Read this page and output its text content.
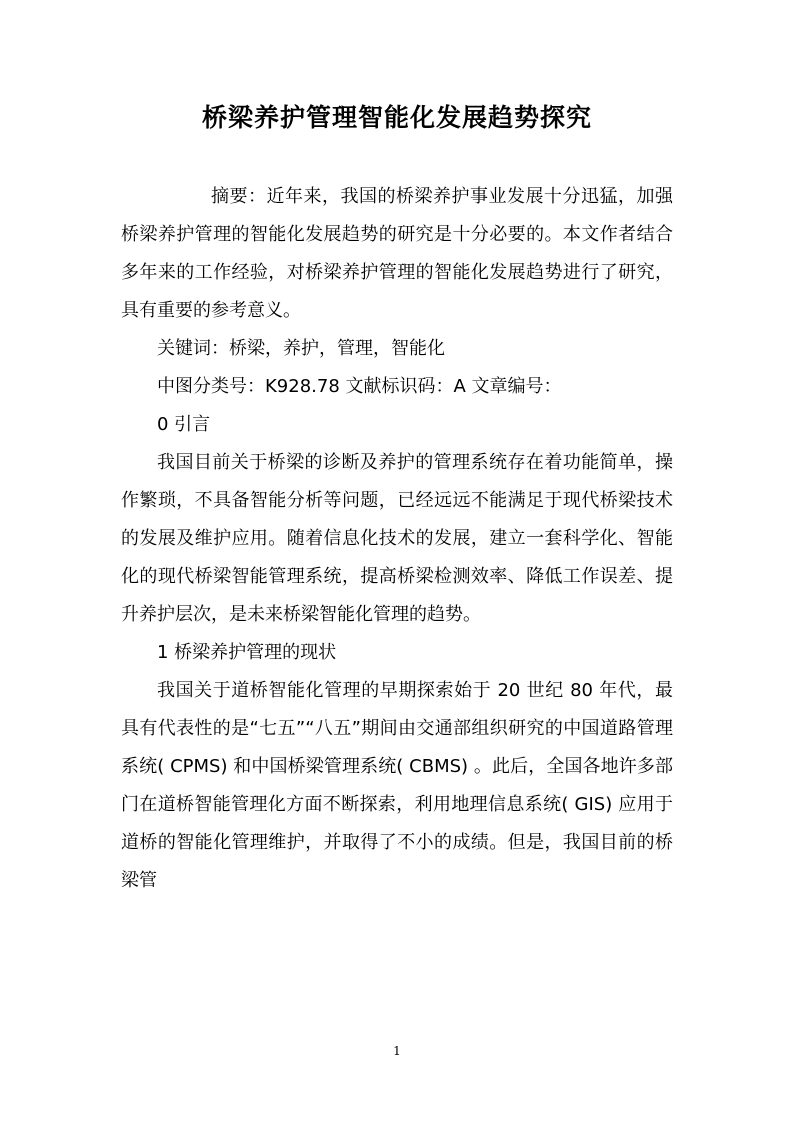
桥梁养护管理智能化发展趋势探究

摘要：近年来，我国的桥梁养护事业发展十分迅猛，加强桥梁养护管理的智能化发展趋势的研究是十分必要的。本文作者结合多年来的工作经验，对桥梁养护管理的智能化发展趋势进行了研究，具有重要的参考意义。

关键词：桥梁，养护，管理，智能化

中图分类号：K928.78 文献标识码：A 文章编号：

0 引言

我国目前关于桥梁的诊断及养护的管理系统存在着功能简单，操作繁琐，不具备智能分析等问题，已经远远不能满足于现代桥梁技术的发展及维护应用。随着信息化技术的发展，建立一套科学化、智能化的现代桥梁智能管理系统，提高桥梁检测效率、降低工作误差、提升养护层次，是未来桥梁智能化管理的趋势。

1 桥梁养护管理的现状

我国关于道桥智能化管理的早期探索始于 20 世纪 80 年代，最具有代表性的是“七五”“八五”期间由交通部组织研究的中国道路管理系统( CPMS) 和中国桥梁管理系统( CBMS) 。此后，全国各地许多部门在道桥智能管理化方面不断探索，利用地理信息系统( GIS) 应用于道桥的智能化管理维护，并取得了不小的成绩。但是，我国目前的桥梁管

1
